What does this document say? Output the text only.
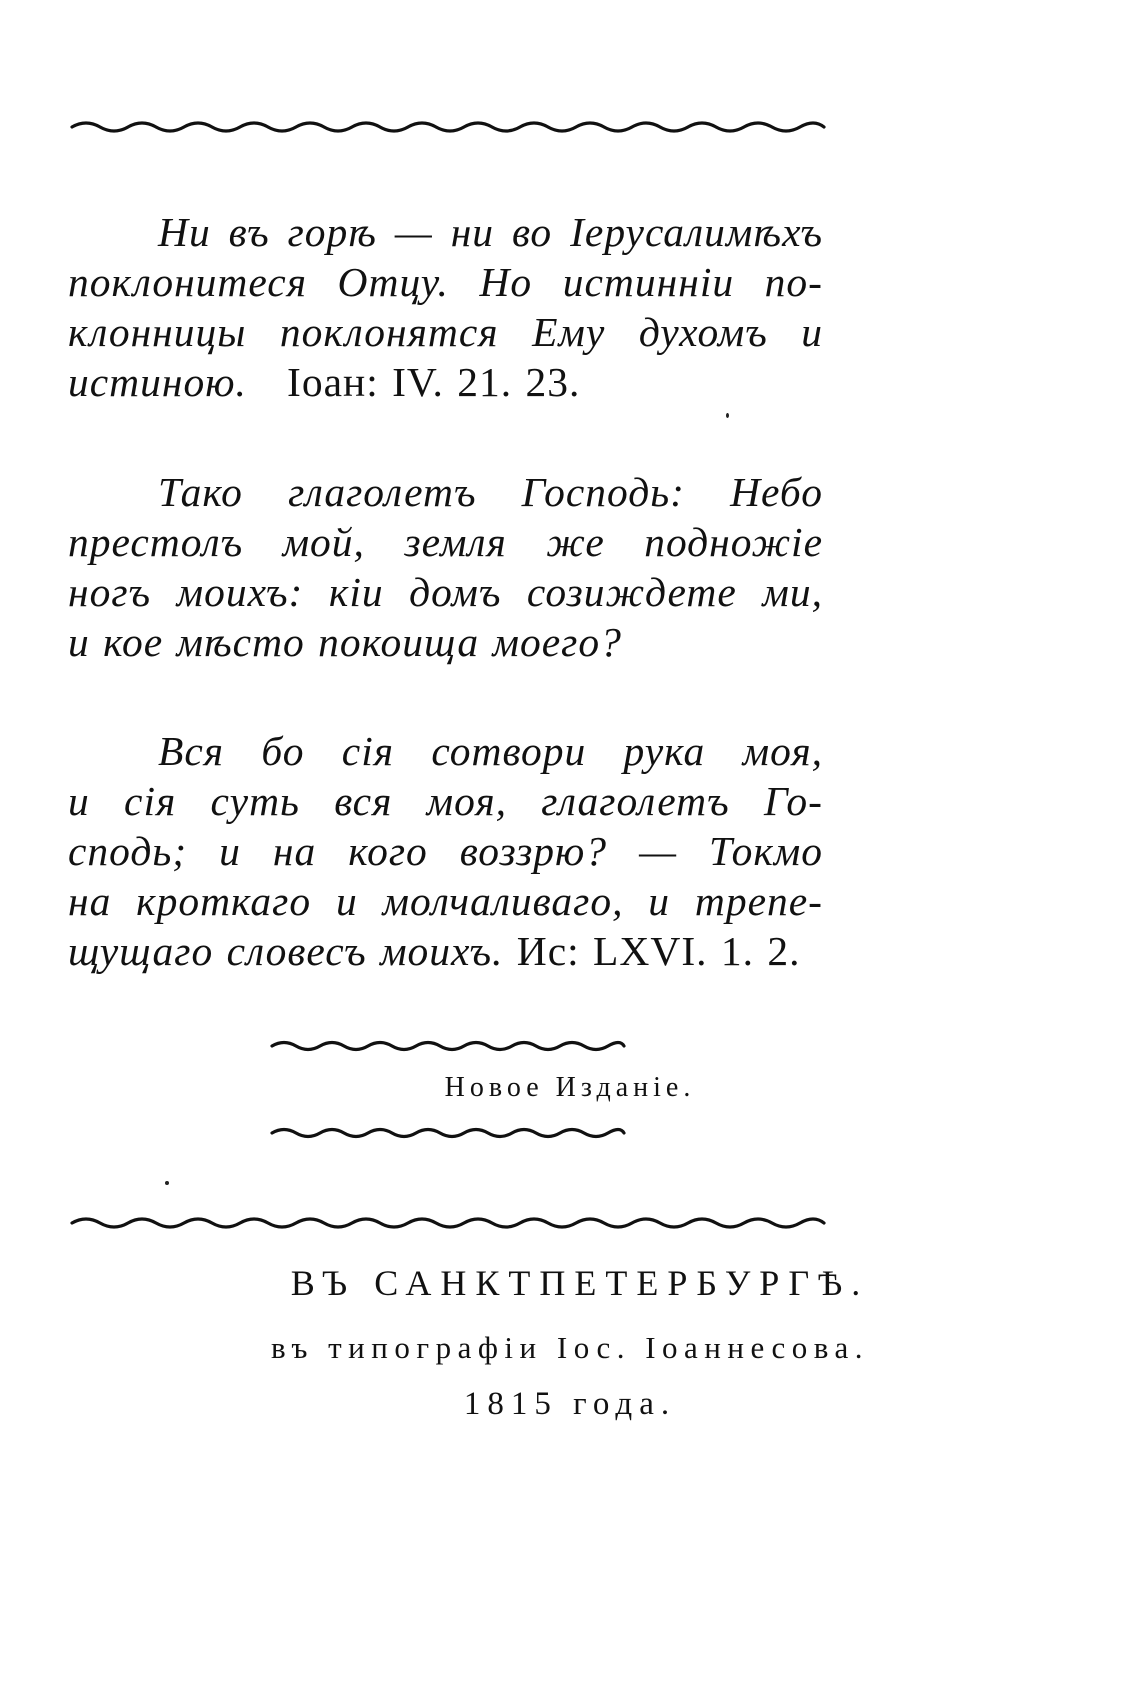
Ни въ горѣ — ни во Iерусалимѣхъ
поклонитеся Отцу. Но истинніи по-
клонницы поклонятся Ему духомъ и
истиною. Iоан: IV. 21. 23.
Тако глаголетъ Господь: Небо
престолъ мой, земля же подножіе
ногъ моихъ: кіи домъ созиждете ми,
и кое мѣсто покоища моего?
Вся бо сія сотвори рука моя,
и сія суть вся моя, глаголетъ Го-
сподь; и на кого воззрю? — Токмо
на кроткаго и молчаливаго, и трепе-
щущаго словесъ моихъ. Ис: LXVI. 1. 2.

Новое Изданіе.

ВЪ САНКТПЕТЕРБУРГѢ.

въ типографіи Iос. Iоаннесова.

1815 года.
